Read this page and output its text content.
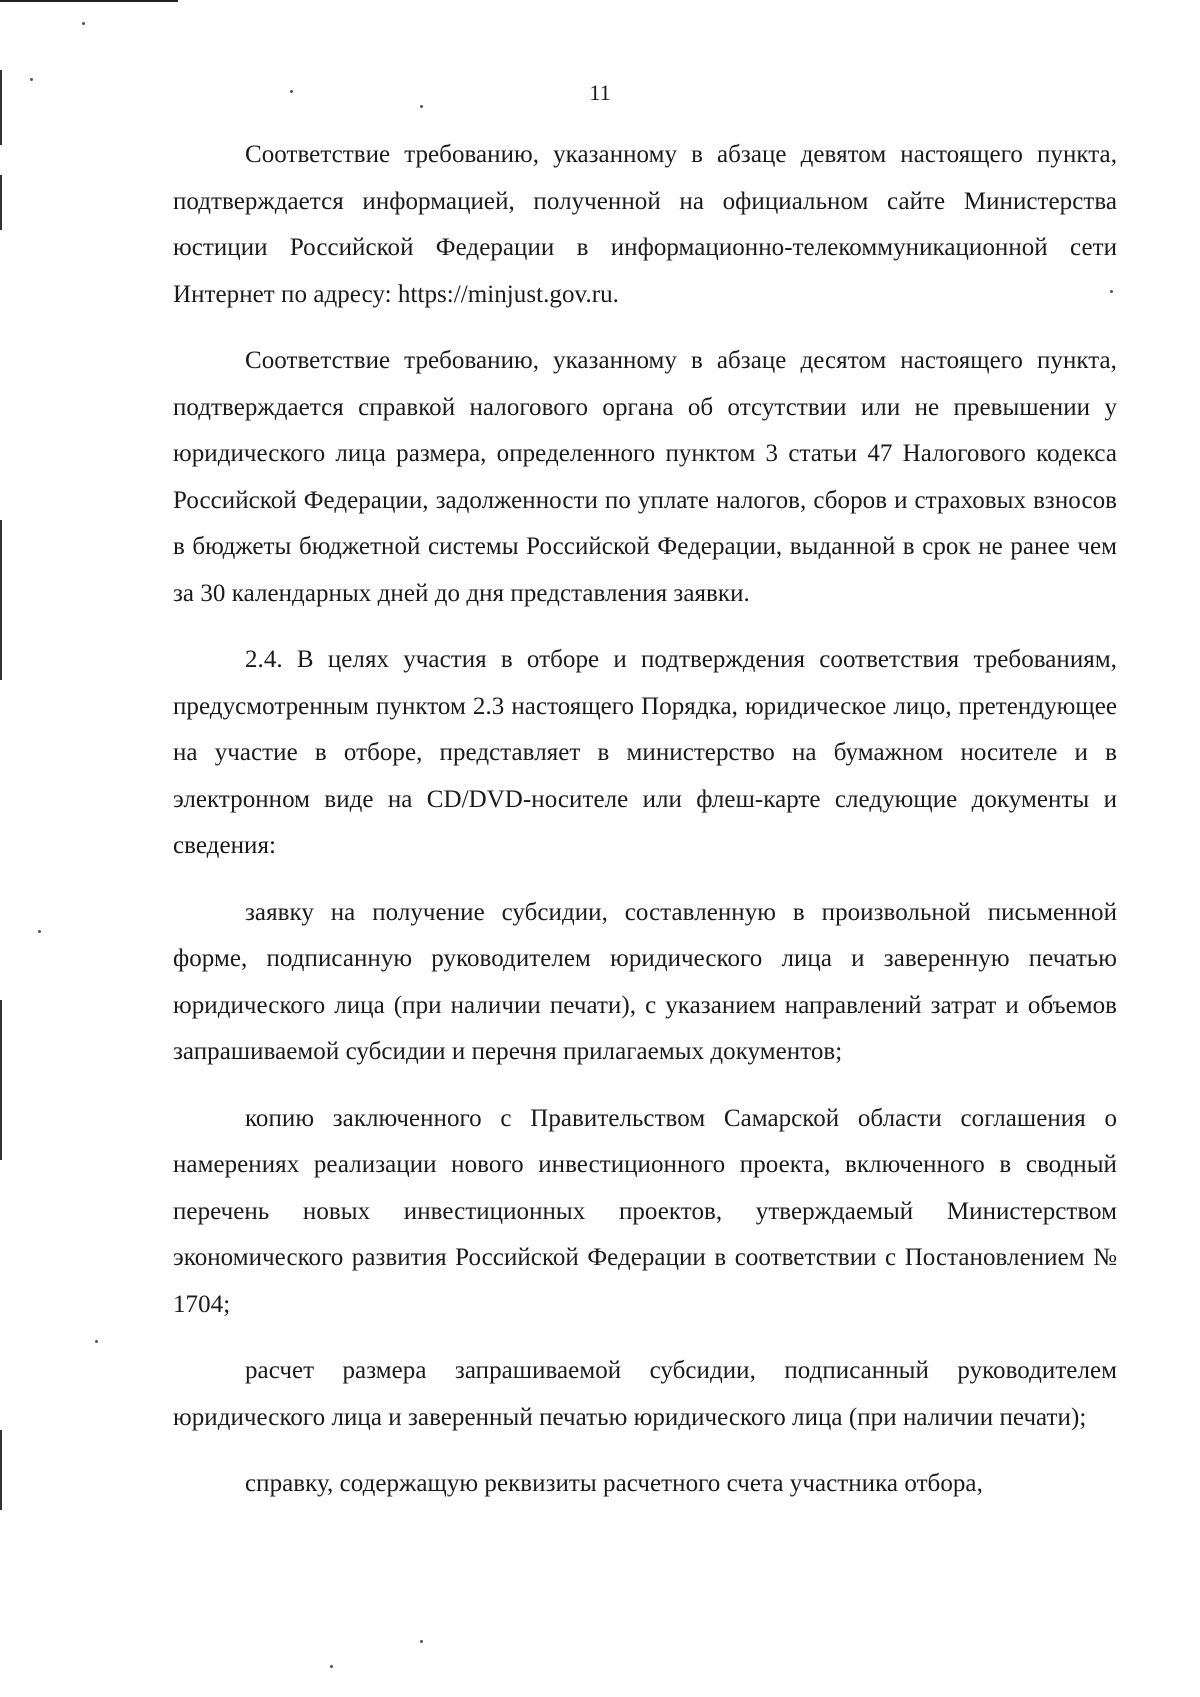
11

Соответствие требованию, указанному в абзаце девятом настоящего пункта, подтверждается информацией, полученной на официальном сайте Министерства юстиции Российской Федерации в информационно-телекоммуникационной сети Интернет по адресу: https://minjust.gov.ru.

Соответствие требованию, указанному в абзаце десятом настоящего пункта, подтверждается справкой налогового органа об отсутствии или не превышении у юридического лица размера, определенного пунктом 3 статьи 47 Налогового кодекса Российской Федерации, задолженности по уплате налогов, сборов и страховых взносов в бюджеты бюджетной системы Российской Федерации, выданной в срок не ранее чем за 30 календарных дней до дня представления заявки.

2.4. В целях участия в отборе и подтверждения соответствия требованиям, предусмотренным пунктом 2.3 настоящего Порядка, юридическое лицо, претендующее на участие в отборе, представляет в министерство на бумажном носителе и в электронном виде на CD/DVD-носителе или флеш-карте следующие документы и сведения:

заявку на получение субсидии, составленную в произвольной письменной форме, подписанную руководителем юридического лица и заверенную печатью юридического лица (при наличии печати), с указанием направлений затрат и объемов запрашиваемой субсидии и перечня прилагаемых документов;

копию заключенного с Правительством Самарской области соглашения о намерениях реализации нового инвестиционного проекта, включенного в сводный перечень новых инвестиционных проектов, утверждаемый Министерством экономического развития Российской Федерации в соответствии с Постановлением № 1704;

расчет размера запрашиваемой субсидии, подписанный руководителем юридического лица и заверенный печатью юридического лица (при наличии печати);

справку, содержащую реквизиты расчетного счета участника отбора,
